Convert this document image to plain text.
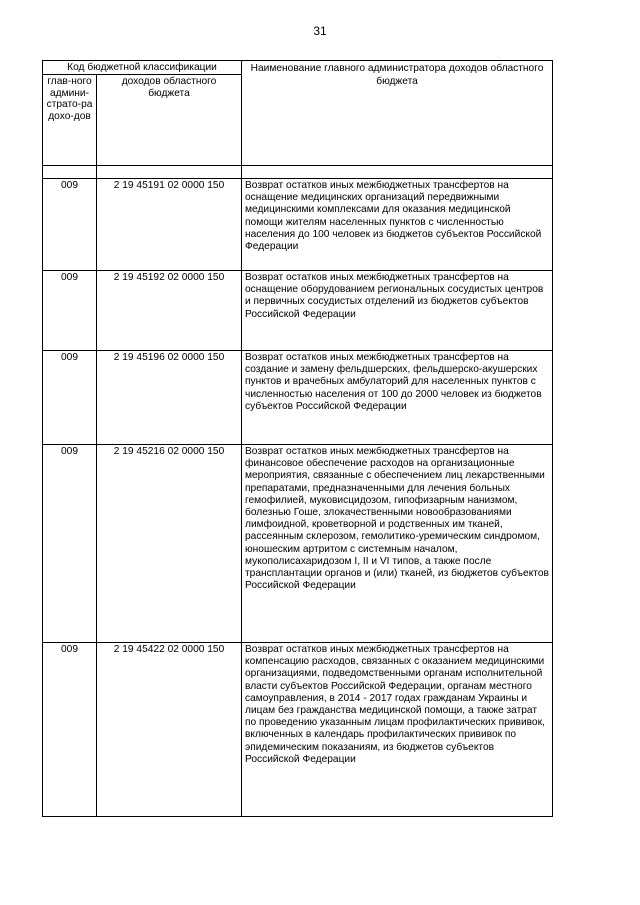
31
Код бюджетной классификации		Наименование главного администратора доходов областного бюджета
глав-ного админи-страто-ра дохо-дов	доходов областного бюджета	

009	2 19 45191 02 0000 150	Возврат остатков иных межбюджетных трансфертов на оснащение медицинских организаций передвижными медицинскими комплексами для оказания медицинской помощи жителям населенных пунктов с численностью населения до 100 человек из бюджетов субъектов Российской Федерации
009	2 19 45192 02 0000 150	Возврат остатков иных межбюджетных трансфертов на оснащение оборудованием региональных сосудистых центров и первичных сосудистых отделений из бюджетов субъектов Российской Федерации
009	2 19 45196 02 0000 150	Возврат остатков иных межбюджетных трансфертов на создание и замену фельдшерских, фельдшерско-акушерских пунктов и врачебных амбулаторий для населенных пунктов с численностью населения от 100 до 2000 человек из бюджетов субъектов Российской Федерации
009	2 19 45216 02 0000 150	Возврат остатков иных межбюджетных трансфертов на финансовое обеспечение расходов на организационные мероприятия, связанные с обеспечением лиц лекарственными препаратами, предназначенными для лечения больных гемофилией, муковисцидозом, гипофизарным нанизмом, болезнью Гоше, злокачественными новообразованиями лимфоидной, кроветворной и родственных им тканей, рассеянным склерозом, гемолитико-уремическим синдромом, юношеским артритом с системным началом, мукополисахаридозом I, II и VI типов, а также после трансплантации органов и (или) тканей, из бюджетов субъектов Российской Федерации
009	2 19 45422 02 0000 150	Возврат остатков иных межбюджетных трансфертов на компенсацию расходов, связанных с оказанием медицинскими организациями, подведомственными органам исполнительной власти субъектов Российской Федерации, органам местного самоуправления, в 2014 - 2017 годах гражданам Украины и лицам без гражданства медицинской помощи, а также затрат по проведению указанным лицам профилактических прививок, включенных в календарь профилактических прививок по эпидемическим показаниям, из бюджетов субъектов Российской Федерации
